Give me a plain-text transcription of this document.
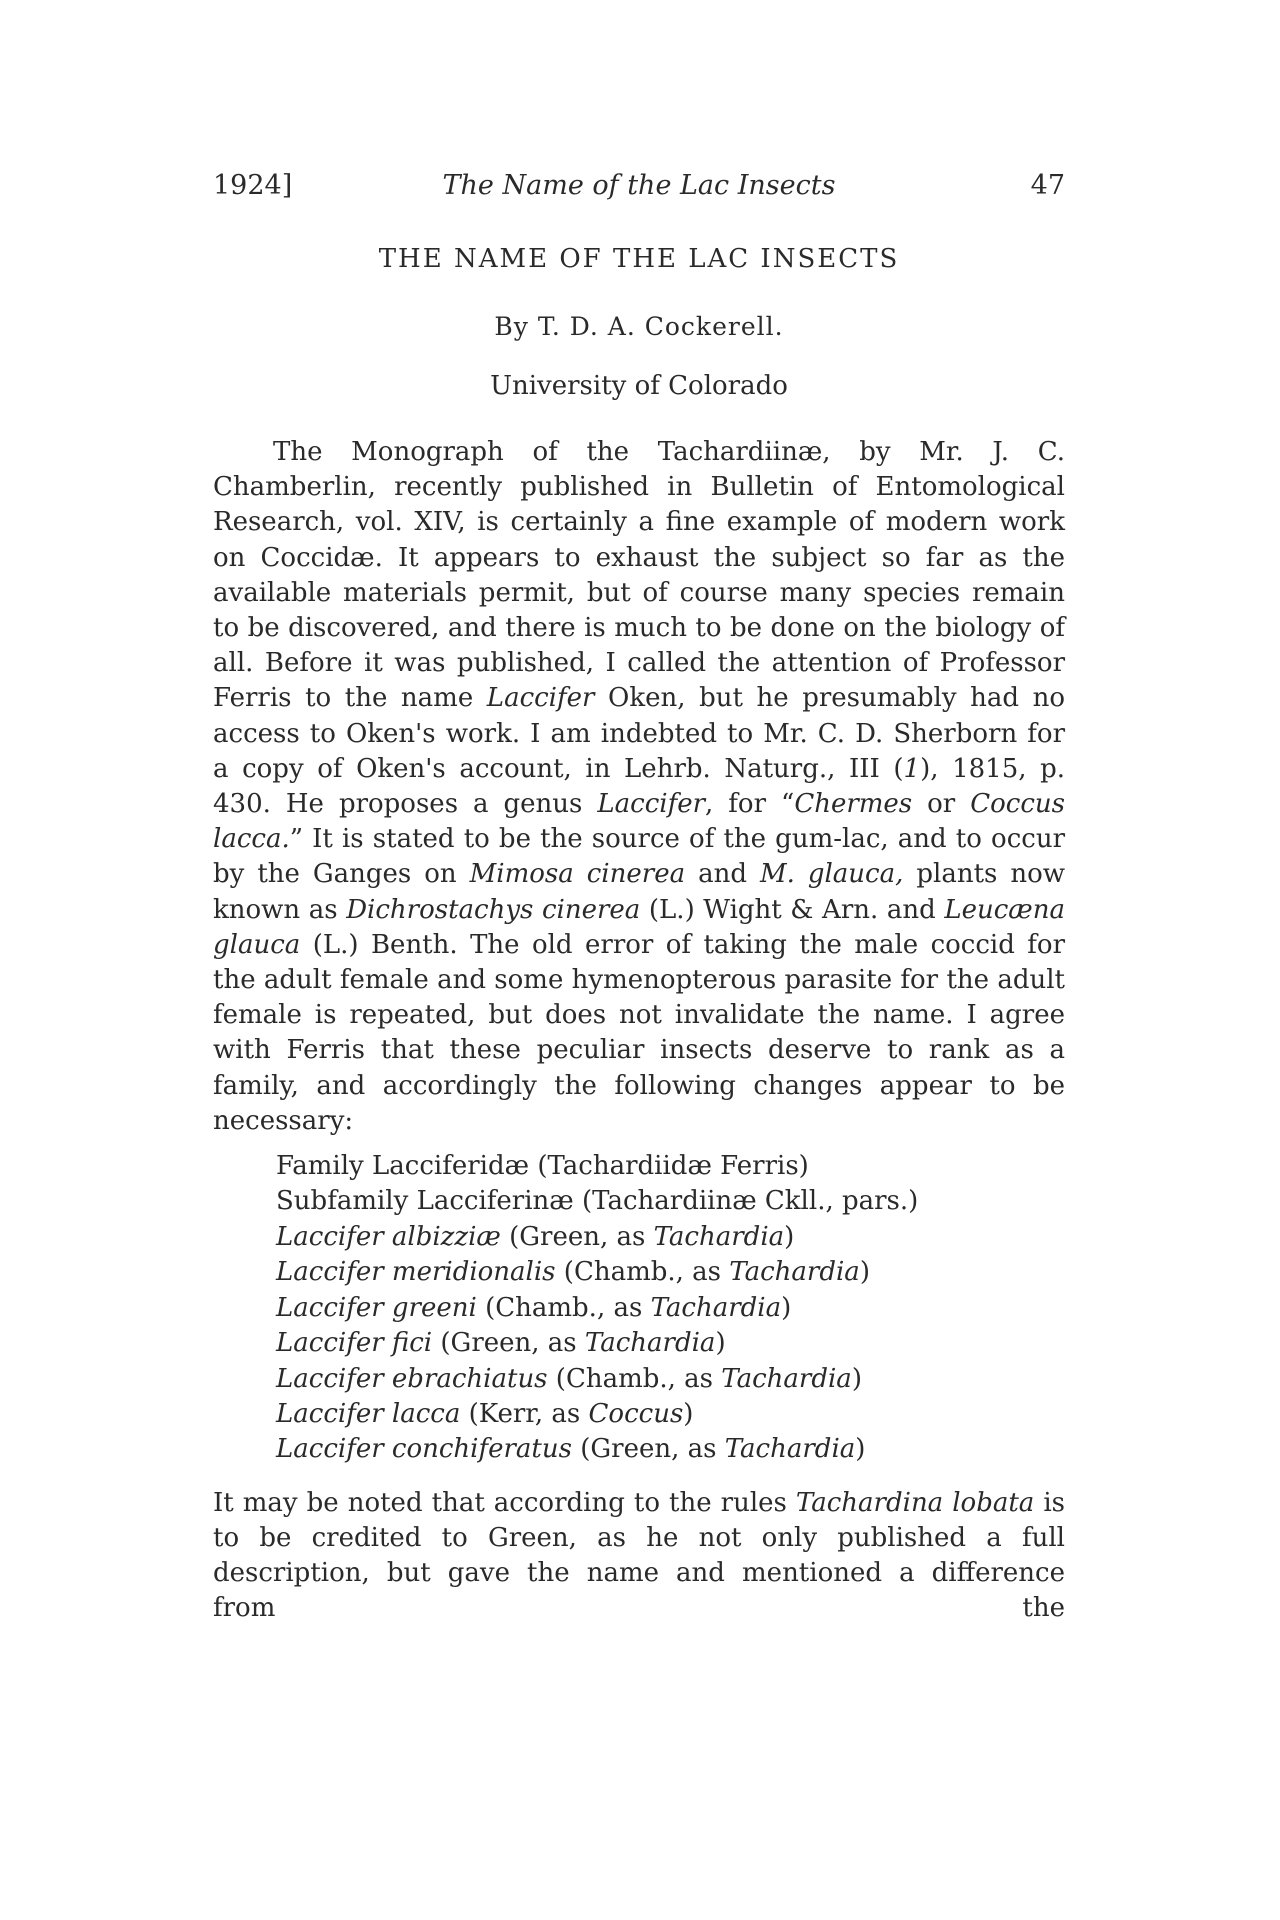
1924]	The Name of the Lac Insects	47
THE NAME OF THE LAC INSECTS
By T. D. A. Cockerell.
University of Colorado

The Monograph of the Tachardiinæ, by Mr. J. C. Chamberlin, recently published in Bulletin of Entomological Research, vol. XIV, is certainly a fine example of modern work on Coccidæ. It appears to exhaust the subject so far as the available materials permit, but of course many species remain to be discovered, and there is much to be done on the biology of all. Before it was published, I called the attention of Professor Ferris to the name Laccifer Oken, but he presumably had no access to Oken's work. I am indebted to Mr. C. D. Sherborn for a copy of Oken's account, in Lehrb. Naturg., III (1), 1815, p. 430. He proposes a genus Laccifer, for “Chermes or Coccus lacca.” It is stated to be the source of the gum-lac, and to occur by the Ganges on Mimosa cinerea and M. glauca, plants now known as Dichrostachys cinerea (L.) Wight & Arn. and Leucæna glauca (L.) Benth. The old error of taking the male coccid for the adult female and some hymenopterous parasite for the adult female is repeated, but does not invalidate the name. I agree with Ferris that these peculiar insects deserve to rank as a family, and accordingly the following changes appear to be necessary:

Family Lacciferidæ (Tachardiidæ Ferris)
Subfamily Lacciferinæ (Tachardiinæ Ckll., pars.)
Laccifer albizziæ (Green, as Tachardia)
Laccifer meridionalis (Chamb., as Tachardia)
Laccifer greeni (Chamb., as Tachardia)
Laccifer fici (Green, as Tachardia)
Laccifer ebrachiatus (Chamb., as Tachardia)
Laccifer lacca (Kerr, as Coccus)
Laccifer conchiferatus (Green, as Tachardia)

It may be noted that according to the rules Tachardina lobata is to be credited to Green, as he not only published a full description, but gave the name and mentioned a difference from the
